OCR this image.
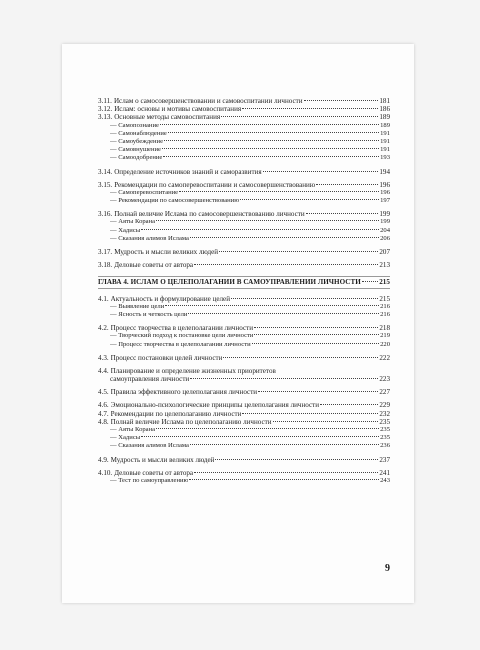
3.11. Ислам о самосовершенствовании и самовоспитании личности	181
3.12. Ислам: основы и мотивы самовоспитания	186
3.13. Основные методы самовоспитания	189
— Самопознание	189
— Самонаблюдение	191
— Самоубеждение	191
— Самовнушение	191
— Самоодобрение	193
3.14. Определение источников знаний и саморазвития	194
3.15. Рекомендации по самоперевоспитании и самосовершенствованию	196
— Самоперевоспитание	196
— Рекомендации по самосовершенствованию	197
3.16. Полнай величие Ислама по самосовершенствованию личности	199
— Аяты Корана	199
— Хадисы	204
— Сказания алимов Ислама	206
3.17. Мудрость и мысли великих людей	207
3.18. Деловые советы от автора	213
ГЛАВА 4. ИСЛАМ О ЦЕЛЕПОЛАГАНИИ В САМОУПРАВЛЕНИИ ЛИЧНОСТИ	215
4.1. Актуальность и формулирование целей	215
— Выявление цели	216
— Ясность и четкость цели	216
4.2. Процесс творчества в целеполагании личности	218
— Творческий подход к постановке цели личности	219
— Процесс творчества в целеполагании личности	220
4.3. Процесс постановки целей личности	222
4.4. Планирование и определение жизненных приоритетов
самоуправления личности	223
4.5. Правила эффективного целеполагания личности	227
4.6. Эмоционально-психологические принципы целеполагания личности	229
4.7. Рекомендации по целеполаганию личности	232
4.8. Полнай величие Ислама по целеполаганию личности	235
— Аяты Корана	235
— Хадисы	235
— Сказания алимов Ислама	236
4.9. Мудрость и мысли великих людей	237
4.10. Деловые советы от автора	241
— Тест по самоуправлению	243
9
